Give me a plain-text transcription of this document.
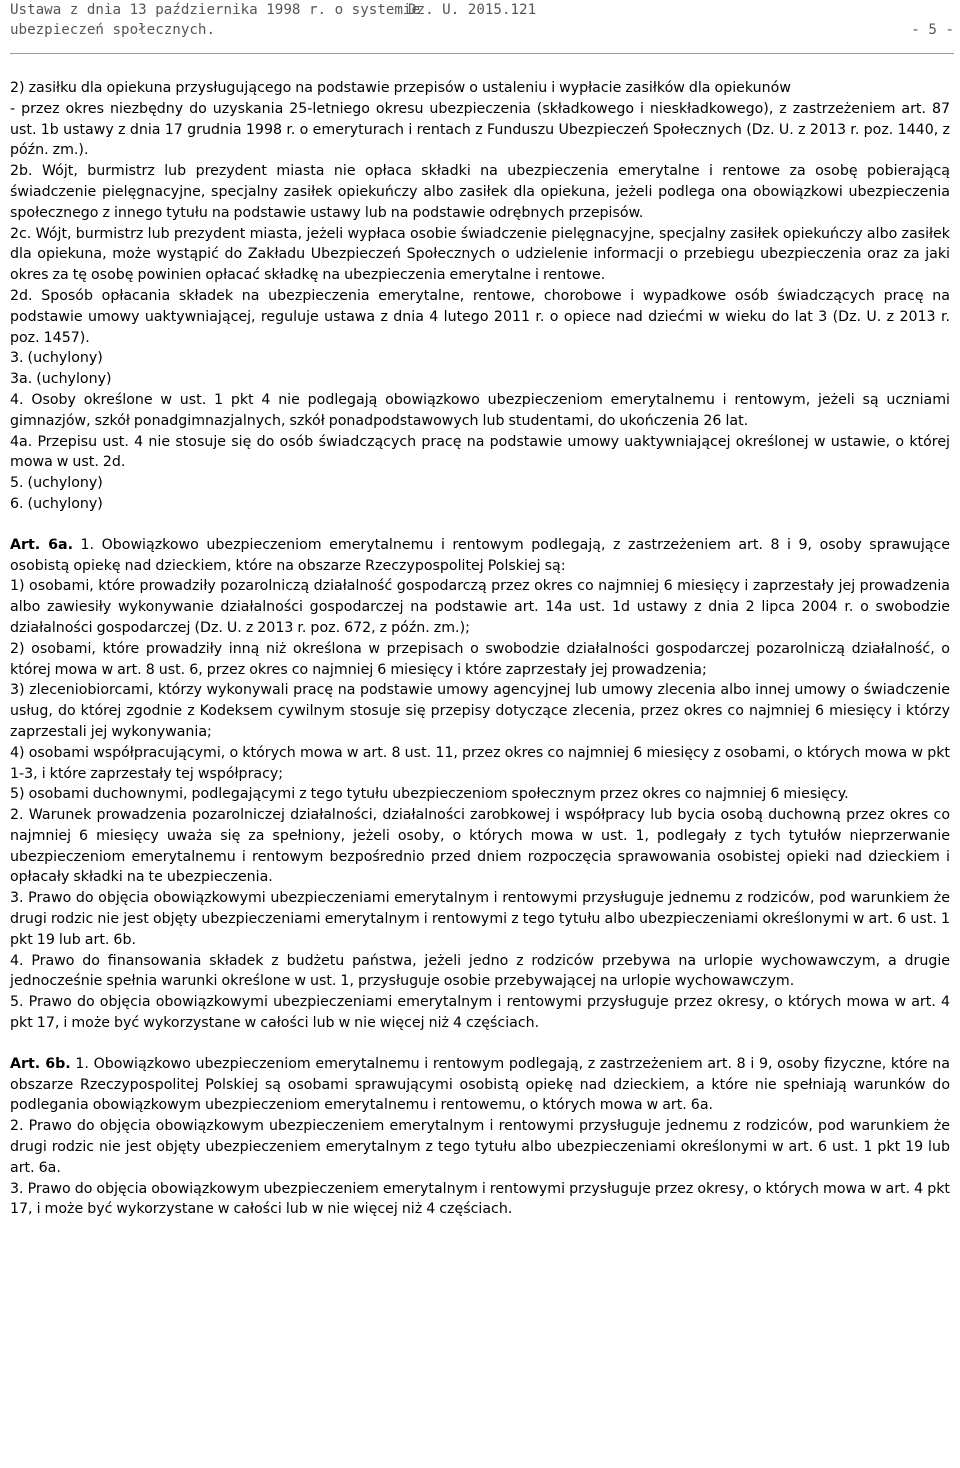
Ustawa z dnia 13 października 1998 r. o systemie
ubezpieczeń społecznych.
Dz. U. 2015.121
- 5 -

2) zasiłku dla opiekuna przysługującego na podstawie przepisów o ustaleniu i wypłacie zasiłków dla opiekunów

- przez okres niezbędny do uzyskania 25-letniego okresu ubezpieczenia (składkowego i nieskładkowego), z zastrzeżeniem art. 87 ust. 1b ustawy z dnia 17 grudnia 1998 r. o emeryturach i rentach z Funduszu Ubezpieczeń Społecznych (Dz. U. z 2013 r. poz. 1440, z późn. zm.).

2b. Wójt, burmistrz lub prezydent miasta nie opłaca składki na ubezpieczenia emerytalne i rentowe za osobę pobierającą świadczenie pielęgnacyjne, specjalny zasiłek opiekuńczy albo zasiłek dla opiekuna, jeżeli podlega ona obowiązkowi ubezpieczenia społecznego z innego tytułu na podstawie ustawy lub na podstawie odrębnych przepisów.

2c. Wójt, burmistrz lub prezydent miasta, jeżeli wypłaca osobie świadczenie pielęgnacyjne, specjalny zasiłek opiekuńczy albo zasiłek dla opiekuna, może wystąpić do Zakładu Ubezpieczeń Społecznych o udzielenie informacji o przebiegu ubezpieczenia oraz za jaki okres za tę osobę powinien opłacać składkę na ubezpieczenia emerytalne i rentowe.

2d. Sposób opłacania składek na ubezpieczenia emerytalne, rentowe, chorobowe i wypadkowe osób świadczących pracę na podstawie umowy uaktywniającej, reguluje ustawa z dnia 4 lutego 2011 r. o opiece nad dziećmi w wieku do lat 3 (Dz. U. z 2013 r. poz. 1457).

3. (uchylony)

3a. (uchylony)

4. Osoby określone w ust. 1 pkt 4 nie podlegają obowiązkowo ubezpieczeniom emerytalnemu i rentowym, jeżeli są uczniami gimnazjów, szkół ponadgimnazjalnych, szkół ponadpodstawowych lub studentami, do ukończenia 26 lat.

4a. Przepisu ust. 4 nie stosuje się do osób świadczących pracę na podstawie umowy uaktywniającej określonej w ustawie, o której mowa w ust. 2d.

5. (uchylony)

6. (uchylony)

Art. 6a. 1. Obowiązkowo ubezpieczeniom emerytalnemu i rentowym podlegają, z zastrzeżeniem art. 8 i 9, osoby sprawujące osobistą opiekę nad dzieckiem, które na obszarze Rzeczypospolitej Polskiej są:

1) osobami, które prowadziły pozarolniczą działalność gospodarczą przez okres co najmniej 6 miesięcy i zaprzestały jej prowadzenia albo zawiesiły wykonywanie działalności gospodarczej na podstawie art. 14a ust. 1d ustawy z dnia 2 lipca 2004 r. o swobodzie działalności gospodarczej (Dz. U. z 2013 r. poz. 672, z późn. zm.);

2) osobami, które prowadziły inną niż określona w przepisach o swobodzie działalności gospodarczej pozarolniczą działalność, o której mowa w art. 8 ust. 6, przez okres co najmniej 6 miesięcy i które zaprzestały jej prowadzenia;

3) zleceniobiorcami, którzy wykonywali pracę na podstawie umowy agencyjnej lub umowy zlecenia albo innej umowy o świadczenie usług, do której zgodnie z Kodeksem cywilnym stosuje się przepisy dotyczące zlecenia, przez okres co najmniej 6 miesięcy i którzy zaprzestali jej wykonywania;

4) osobami współpracującymi, o których mowa w art. 8 ust. 11, przez okres co najmniej 6 miesięcy z osobami, o których mowa w pkt 1-3, i które zaprzestały tej współpracy;

5) osobami duchownymi, podlegającymi z tego tytułu ubezpieczeniom społecznym przez okres co najmniej 6 miesięcy.

2. Warunek prowadzenia pozarolniczej działalności, działalności zarobkowej i współpracy lub bycia osobą duchowną przez okres co najmniej 6 miesięcy uważa się za spełniony, jeżeli osoby, o których mowa w ust. 1, podlegały z tych tytułów nieprzerwanie ubezpieczeniom emerytalnemu i rentowym bezpośrednio przed dniem rozpoczęcia sprawowania osobistej opieki nad dzieckiem i opłacały składki na te ubezpieczenia.

3. Prawo do objęcia obowiązkowymi ubezpieczeniami emerytalnym i rentowymi przysługuje jednemu z rodziców, pod warunkiem że drugi rodzic nie jest objęty ubezpieczeniami emerytalnym i rentowymi z tego tytułu albo ubezpieczeniami określonymi w art. 6 ust. 1 pkt 19 lub art. 6b.

4. Prawo do finansowania składek z budżetu państwa, jeżeli jedno z rodziców przebywa na urlopie wychowawczym, a drugie jednocześnie spełnia warunki określone w ust. 1, przysługuje osobie przebywającej na urlopie wychowawczym.

5. Prawo do objęcia obowiązkowymi ubezpieczeniami emerytalnym i rentowymi przysługuje przez okresy, o których mowa w art. 4 pkt 17, i może być wykorzystane w całości lub w nie więcej niż 4 częściach.

Art. 6b. 1. Obowiązkowo ubezpieczeniom emerytalnemu i rentowym podlegają, z zastrzeżeniem art. 8 i 9, osoby fizyczne, które na obszarze Rzeczypospolitej Polskiej są osobami sprawującymi osobistą opiekę nad dzieckiem, a które nie spełniają warunków do podlegania obowiązkowym ubezpieczeniom emerytalnemu i rentowemu, o których mowa w art. 6a.

2. Prawo do objęcia obowiązkowym ubezpieczeniem emerytalnym i rentowymi przysługuje jednemu z rodziców, pod warunkiem że drugi rodzic nie jest objęty ubezpieczeniem emerytalnym z tego tytułu albo ubezpieczeniami określonymi w art. 6 ust. 1 pkt 19 lub art. 6a.

3. Prawo do objęcia obowiązkowym ubezpieczeniem emerytalnym i rentowymi przysługuje przez okresy, o których mowa w art. 4 pkt 17, i może być wykorzystane w całości lub w nie więcej niż 4 częściach.
